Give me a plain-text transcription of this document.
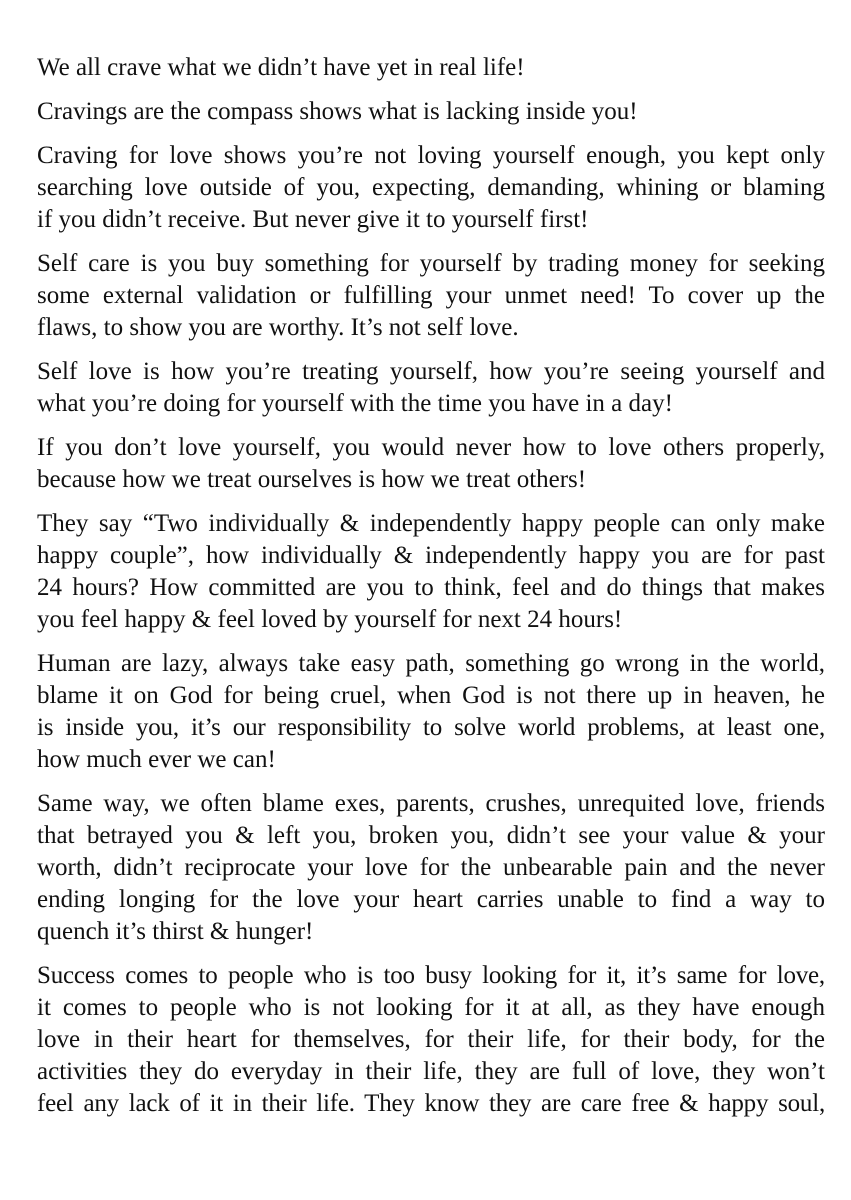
We all crave what we didn’t have yet in real life!

Cravings are the compass shows what is lacking inside you!

Craving for love shows you’re not loving yourself enough, you kept only
searching love outside of you, expecting, demanding, whining or blaming
if you didn’t receive. But never give it to yourself first!

Self care is you buy something for yourself by trading money for seeking
some external validation or fulfilling your unmet need! To cover up the
flaws, to show you are worthy. It’s not self love.

Self love is how you’re treating yourself, how you’re seeing yourself and
what you’re doing for yourself with the time you have in a day!

If you don’t love yourself, you would never how to love others properly,
because how we treat ourselves is how we treat others!

They say “Two individually & independently happy people can only make
happy couple”, how individually & independently happy you are for past
24 hours? How committed are you to think, feel and do things that makes
you feel happy & feel loved by yourself for next 24 hours!

Human are lazy, always take easy path, something go wrong in the world,
blame it on God for being cruel, when God is not there up in heaven, he
is inside you, it’s our responsibility to solve world problems, at least one,
how much ever we can!

Same way, we often blame exes, parents, crushes, unrequited love, friends
that betrayed you & left you, broken you, didn’t see your value & your
worth, didn’t reciprocate your love for the unbearable pain and the never
ending longing for the love your heart carries unable to find a way to
quench it’s thirst & hunger!

Success comes to people who is too busy looking for it, it’s same for love,
it comes to people who is not looking for it at all, as they have enough
love in their heart for themselves, for their life, for their body, for the
activities they do everyday in their life, they are full of love, they won’t
feel any lack of it in their life. They know they are care free & happy soul,
